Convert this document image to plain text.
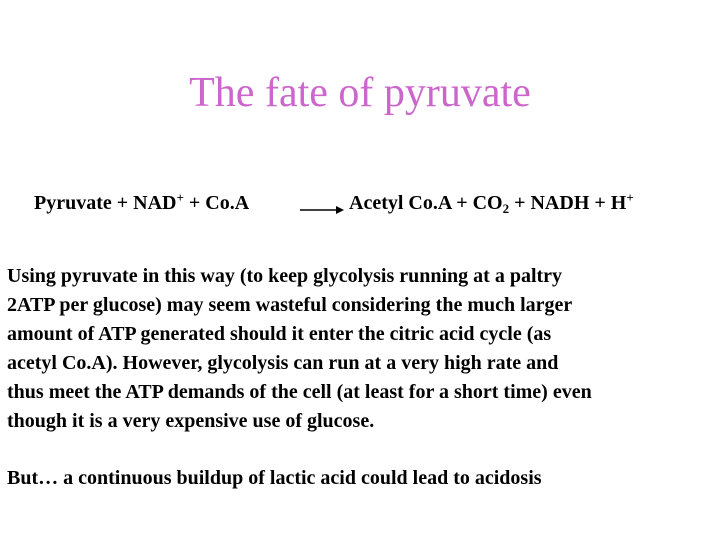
The fate of pyruvate
Pyruvate + NAD+ + Co.A	Acetyl $Co.A + CO_2$ + NADH + H+
Using pyruvate in this way (to keep glycolysis running at a paltry
2ATP per glucose) may seem wasteful considering the much larger
amount of ATP generated should it enter the citric acid cycle (as
acetyl Co.A). However, glycolysis can run at a very high rate and
thus meet the ATP demands of the cell (at least for a short time) even
though it is a very expensive use of glucose.
But… a continuous buildup of lactic acid could lead to acidosis
